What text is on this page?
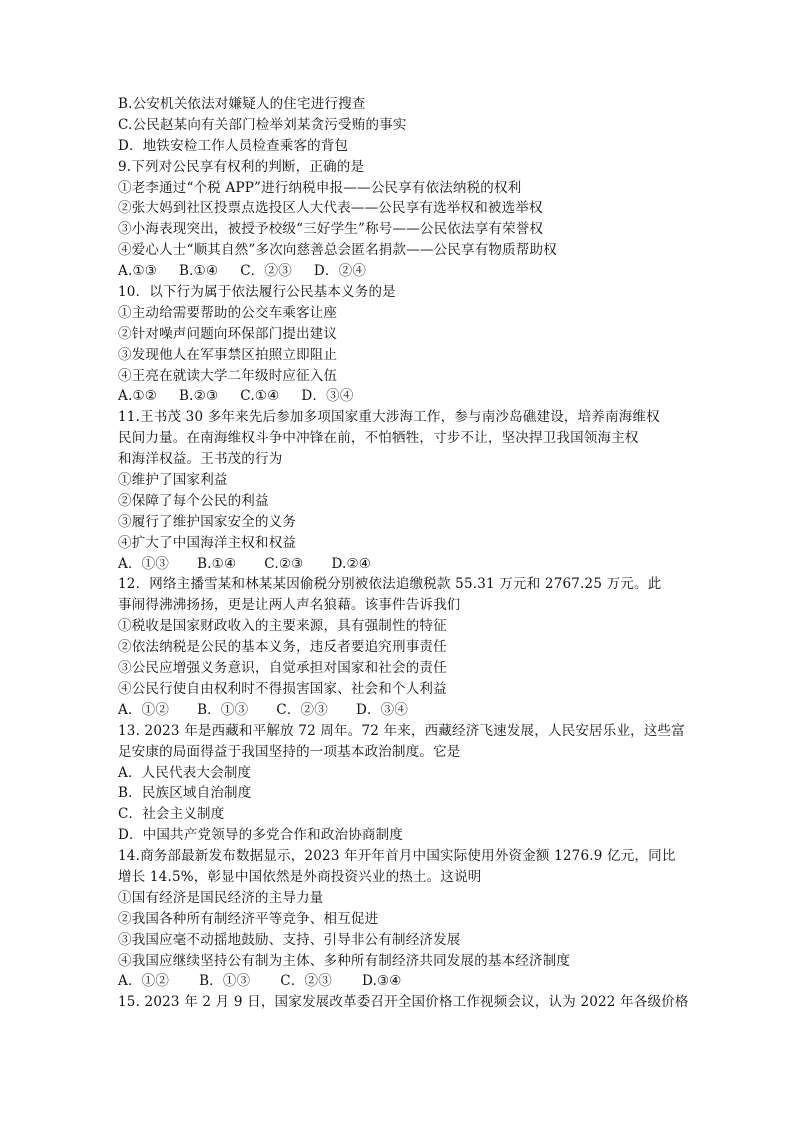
B.公安机关依法对嫌疑人的住宅进行搜查
C.公民赵某向有关部门检举刘某贪污受贿的事实
D．地铁安检工作人员检查乘客的背包
9.下列对公民享有权利的判断，正确的是
①老李通过“个税 APP”进行纳税申报——公民享有依法纳税的权利
②张大妈到社区投票点选投区人大代表——公民享有选举权和被选举权
③小海表现突出，被授予校级“三好学生”称号——公民依法享有荣誉权
④爱心人士“顺其自然”多次向慈善总会匿名捐款——公民享有物质帮助权
A.①③ B.①④ C．②③ D．②④
10．以下行为属于依法履行公民基本义务的是
①主动给需要帮助的公交车乘客让座
②针对噪声问题向环保部门提出建议
③发现他人在军事禁区拍照立即阻止
④王亮在就读大学二年级时应征入伍
A.①② B.②③ C.①④ D．③④
11.王书茂 30 多年来先后参加多项国家重大涉海工作，参与南沙岛礁建设，培养南海维权
民间力量。在南海维权斗争中冲锋在前，不怕牺牲，寸步不让，坚决捍卫我国领海主权
和海洋权益。王书茂的行为
①维护了国家利益
②保障了每个公民的利益
③履行了维护国家安全的义务
④扩大了中国海洋主权和权益
A．①③ B.①④ C.②③ D.②④
12．网络主播雪某和林某某因偷税分别被依法追缴税款 55.31 万元和 2767.25 万元。此
事闹得沸沸扬扬，更是让两人声名狼藉。该事件告诉我们
①税收是国家财政收入的主要来源，具有强制性的特征
②依法纳税是公民的基本义务，违反者要追究刑事责任
③公民应增强义务意识，自觉承担对国家和社会的责任
④公民行使自由权利时不得损害国家、社会和个人利益
A．①② B．①③ C．②③ D．③④
13. 2023 年是西藏和平解放 72 周年。72 年来，西藏经济飞速发展，人民安居乐业，这些富
足安康的局面得益于我国坚持的一项基本政治制度。它是
A．人民代表大会制度
B．民族区域自治制度
C．社会主义制度
D．中国共产党领导的多党合作和政治协商制度
14.商务部最新发布数据显示，2023 年开年首月中国实际使用外资金额 1276.9 亿元，同比
增长 14.5%，彰显中国依然是外商投资兴业的热土。这说明
①国有经济是国民经济的主导力量
②我国各种所有制经济平等竞争、相互促进
③我国应毫不动摇地鼓励、支持、引导非公有制经济发展
④我国应继续坚持公有制为主体、多种所有制经济共同发展的基本经济制度
A．①② B．①③ C．②③ D.③④
15. 2023 年 2 月 9 日，国家发展改革委召开全国价格工作视频会议，认为 2022 年各级价格
